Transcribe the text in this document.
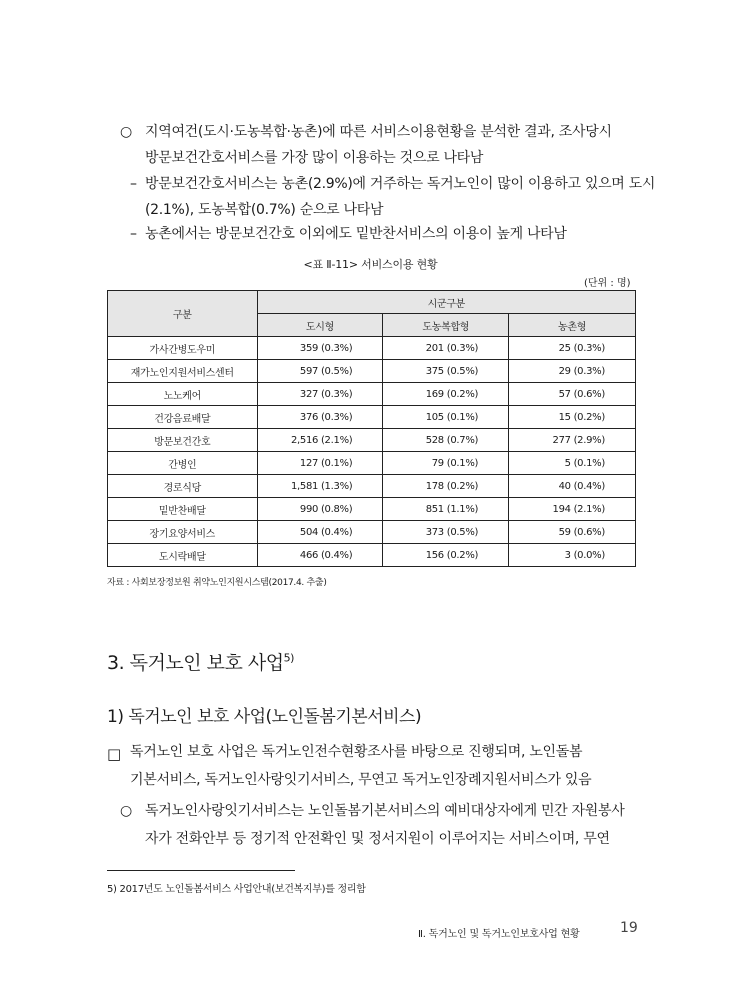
○ 지역여건(도시·도농복합·농촌)에 따른 서비스이용현황을 분석한 결과, 조사당시
방문보건간호서비스를 가장 많이 이용하는 것으로 나타남
– 방문보건간호서비스는 농촌(2.9%)에 거주하는 독거노인이 많이 이용하고 있으며 도시
(2.1%), 도농복합(0.7%) 순으로 나타남
– 농촌에서는 방문보건간호 이외에도 밑반찬서비스의 이용이 높게 나타남
<표 Ⅱ-11> 서비스이용 현황
(단위 : 명)
구분	시군구분		
	도시형	도농복합형	농촌형
가사간병도우미	359 (0.3%)	201 (0.3%)	25 (0.3%)
재가노인지원서비스센터	597 (0.5%)	375 (0.5%)	29 (0.3%)
노노케어	327 (0.3%)	169 (0.2%)	57 (0.6%)
건강음료배달	376 (0.3%)	105 (0.1%)	15 (0.2%)
방문보건간호	2,516 (2.1%)	528 (0.7%)	277 (2.9%)
간병인	127 (0.1%)	79 (0.1%)	5 (0.1%)
경로식당	1,581 (1.3%)	178 (0.2%)	40 (0.4%)
밑반찬배달	990 (0.8%)	851 (1.1%)	194 (2.1%)
장기요양서비스	504 (0.4%)	373 (0.5%)	59 (0.6%)
도시락배달	466 (0.4%)	156 (0.2%)	3 (0.0%)
자료 : 사회보장정보원 취약노인지원시스템(2017.4. 추출)
3. 독거노인 보호 사업$^{5)}$
1) 독거노인 보호 사업(노인돌봄기본서비스)
□ 독거노인 보호 사업은 독거노인전수현황조사를 바탕으로 진행되며, 노인돌봄
기본서비스, 독거노인사랑잇기서비스, 무연고 독거노인장례지원서비스가 있음
○ 독거노인사랑잇기서비스는 노인돌봄기본서비스의 예비대상자에게 민간 자원봉사
자가 전화안부 등 정기적 안전확인 및 정서지원이 이루어지는 서비스이며, 무연
5) 2017년도 노인돌봄서비스 사업안내(보건복지부)를 정리함
Ⅱ. 독거노인 및 독거노인보호사업 현황	19
